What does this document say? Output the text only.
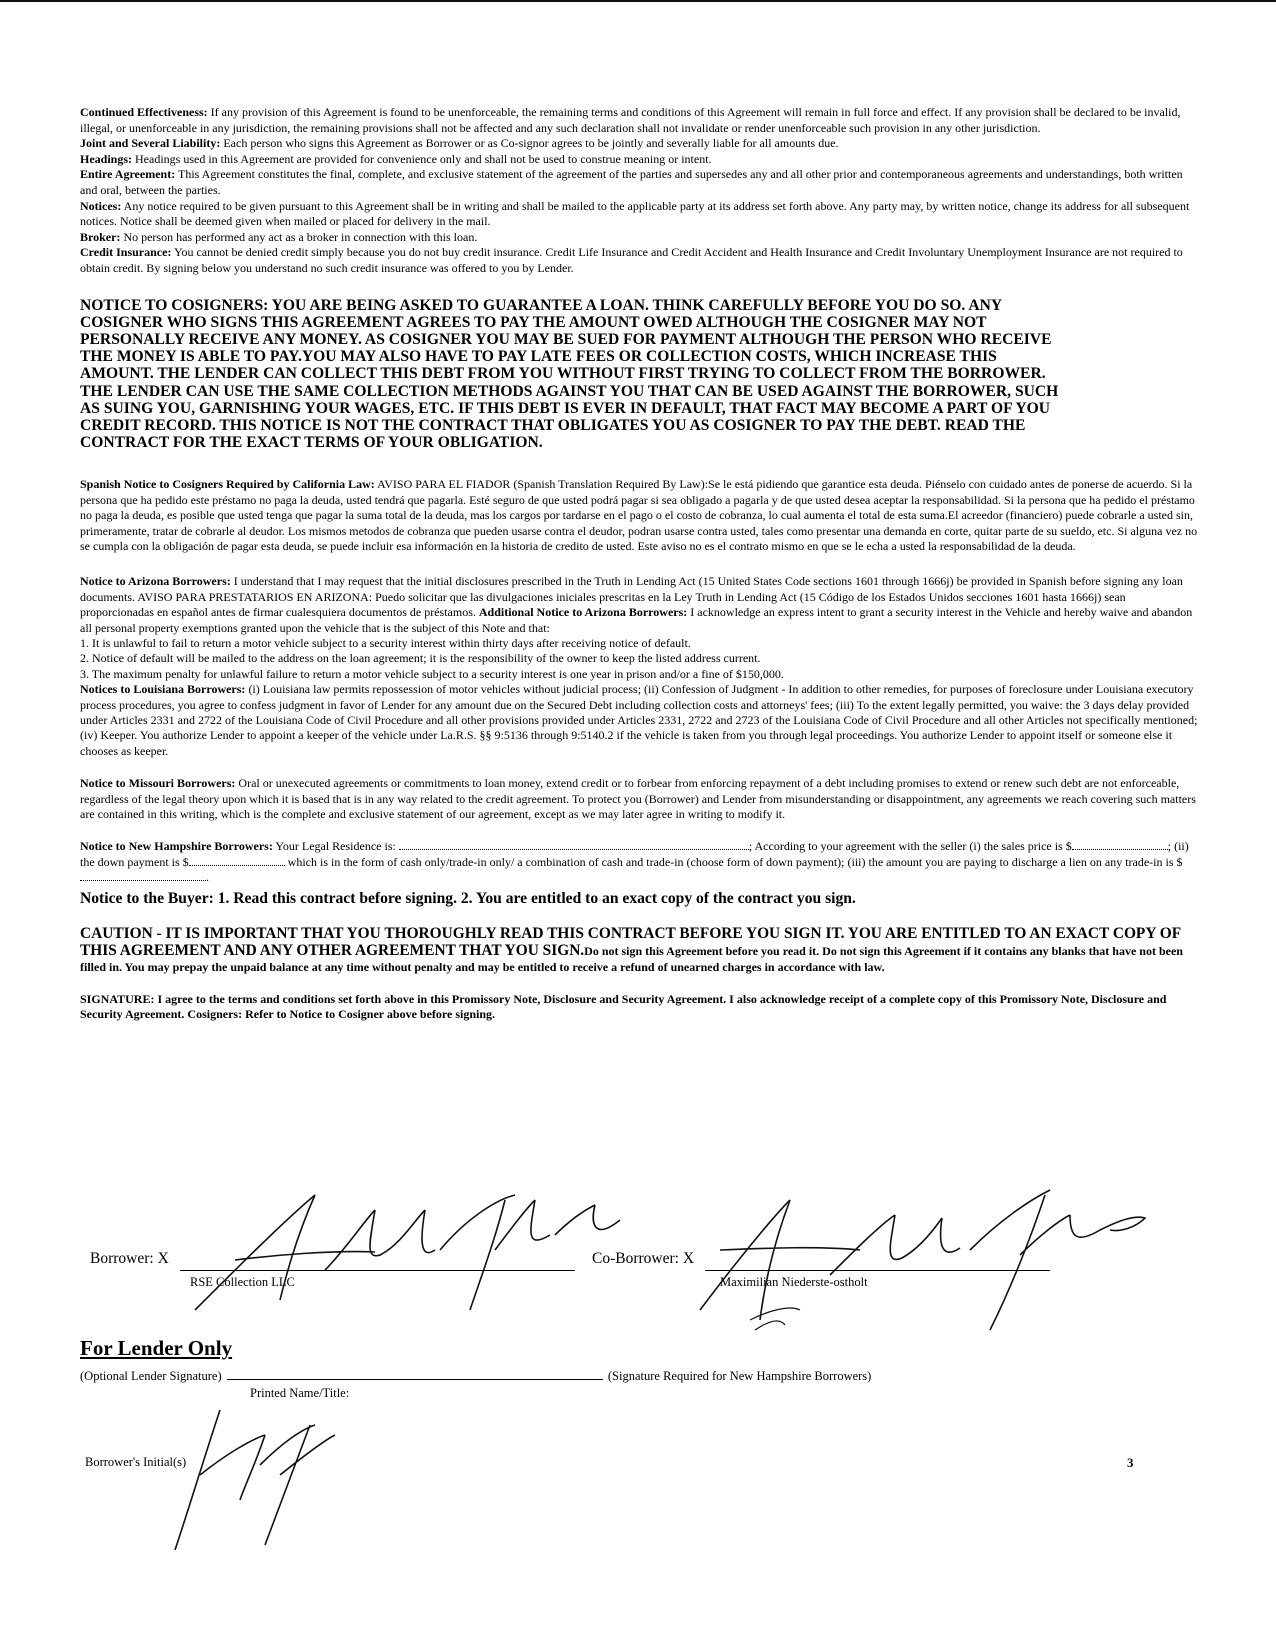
Continued Effectiveness: If any provision of this Agreement is found to be unenforceable, the remaining terms and conditions of this Agreement will remain in full force and effect. If any provision shall be declared to be invalid, illegal, or unenforceable in any jurisdiction, the remaining provisions shall not be affected and any such declaration shall not invalidate or render unenforceable such provision in any other jurisdiction.

Joint and Several Liability: Each person who signs this Agreement as Borrower or as Co-signor agrees to be jointly and severally liable for all amounts due.

Headings: Headings used in this Agreement are provided for convenience only and shall not be used to construe meaning or intent.

Entire Agreement: This Agreement constitutes the final, complete, and exclusive statement of the agreement of the parties and supersedes any and all other prior and contemporaneous agreements and understandings, both written and oral, between the parties.

Notices: Any notice required to be given pursuant to this Agreement shall be in writing and shall be mailed to the applicable party at its address set forth above. Any party may, by written notice, change its address for all subsequent notices. Notice shall be deemed given when mailed or placed for delivery in the mail.

Broker: No person has performed any act as a broker in connection with this loan.

Credit Insurance: You cannot be denied credit simply because you do not buy credit insurance. Credit Life Insurance and Credit Accident and Health Insurance and Credit Involuntary Unemployment Insurance are not required to obtain credit. By signing below you understand no such credit insurance was offered to you by Lender.

NOTICE TO COSIGNERS: YOU ARE BEING ASKED TO GUARANTEE A LOAN. THINK CAREFULLY BEFORE YOU DO SO. ANY
COSIGNER WHO SIGNS THIS AGREEMENT AGREES TO PAY THE AMOUNT OWED ALTHOUGH THE COSIGNER MAY NOT
PERSONALLY RECEIVE ANY MONEY. AS COSIGNER YOU MAY BE SUED FOR PAYMENT ALTHOUGH THE PERSON WHO RECEIVE
THE MONEY IS ABLE TO PAY.YOU MAY ALSO HAVE TO PAY LATE FEES OR COLLECTION COSTS, WHICH INCREASE THIS
AMOUNT. THE LENDER CAN COLLECT THIS DEBT FROM YOU WITHOUT FIRST TRYING TO COLLECT FROM THE BORROWER.
THE LENDER CAN USE THE SAME COLLECTION METHODS AGAINST YOU THAT CAN BE USED AGAINST THE BORROWER, SUCH
AS SUING YOU, GARNISHING YOUR WAGES, ETC. IF THIS DEBT IS EVER IN DEFAULT, THAT FACT MAY BECOME A PART OF YOU
CREDIT RECORD. THIS NOTICE IS NOT THE CONTRACT THAT OBLIGATES YOU AS COSIGNER TO PAY THE DEBT. READ THE
CONTRACT FOR THE EXACT TERMS OF YOUR OBLIGATION.

Spanish Notice to Cosigners Required by California Law: AVISO PARA EL FIADOR (Spanish Translation Required By Law):Se le está pidiendo que garantice esta deuda. Piénselo con cuidado antes de ponerse de acuerdo. Si la persona que ha pedido este préstamo no paga la deuda, usted tendrá que pagarla. Esté seguro de que usted podrá pagar si sea obligado a pagarla y de que usted desea aceptar la responsabilidad. Si la persona que ha pedido el préstamo no paga la deuda, es posible que usted tenga que pagar la suma total de la deuda, mas los cargos por tardarse en el pago o el costo de cobranza, lo cual aumenta el total de esta suma.El acreedor (financiero) puede cobrarle a usted sin, primeramente, tratar de cobrarle al deudor. Los mismos metodos de cobranza que pueden usarse contra el deudor, podran usarse contra usted, tales como presentar una demanda en corte, quitar parte de su sueldo, etc. Si alguna vez no se cumpla con la obligación de pagar esta deuda, se puede incluir esa información en la historia de credito de usted. Este aviso no es el contrato mismo en que se le echa a usted la responsabilidad de la deuda.

Notice to Arizona Borrowers: I understand that I may request that the initial disclosures prescribed in the Truth in Lending Act (15 United States Code sections 1601 through 1666j) be provided in Spanish before signing any loan documents. AVISO PARA PRESTATARIOS EN ARIZONA: Puedo solicitar que las divulgaciones iniciales prescritas en la Ley Truth in Lending Act (15 Código de los Estados Unidos secciones 1601 hasta 1666j) sean proporcionadas en español antes de firmar cualesquiera documentos de préstamos. Additional Notice to Arizona Borrowers: I acknowledge an express intent to grant a security interest in the Vehicle and hereby waive and abandon all personal property exemptions granted upon the vehicle that is the subject of this Note and that:
1. It is unlawful to fail to return a motor vehicle subject to a security interest within thirty days after receiving notice of default.
2. Notice of default will be mailed to the address on the loan agreement; it is the responsibility of the owner to keep the listed address current.
3. The maximum penalty for unlawful failure to return a motor vehicle subject to a security interest is one year in prison and/or a fine of $150,000.

Notices to Louisiana Borrowers: (i) Louisiana law permits repossession of motor vehicles without judicial process; (ii) Confession of Judgment - In addition to other remedies, for purposes of foreclosure under Louisiana executory process procedures, you agree to confess judgment in favor of Lender for any amount due on the Secured Debt including collection costs and attorneys' fees; (iii) To the extent legally permitted, you waive: the 3 days delay provided under Articles 2331 and 2722 of the Louisiana Code of Civil Procedure and all other provisions provided under Articles 2331, 2722 and 2723 of the Louisiana Code of Civil Procedure and all other Articles not specifically mentioned; (iv) Keeper. You authorize Lender to appoint a keeper of the vehicle under La.R.S. §§ 9:5136 through 9:5140.2 if the vehicle is taken from you through legal proceedings. You authorize Lender to appoint itself or someone else it chooses as keeper.

Notice to Missouri Borrowers: Oral or unexecuted agreements or commitments to loan money, extend credit or to forbear from enforcing repayment of a debt including promises to extend or renew such debt are not enforceable, regardless of the legal theory upon which it is based that is in any way related to the credit agreement. To protect you (Borrower) and Lender from misunderstanding or disappointment, any agreements we reach covering such matters are contained in this writing, which is the complete and exclusive statement of our agreement, except as we may later agree in writing to modify it.

Notice to New Hampshire Borrowers: Your Legal Residence is:	; According to your agreement with the seller (i) the sales price is $	; (ii) the down payment is $	which is in the form of cash only/trade-in only/ a combination of cash and trade-in (choose form of down payment); (iii) the amount you are paying to discharge a lien on any trade-in is $.

Notice to the Buyer: 1. Read this contract before signing. 2. You are entitled to an exact copy of the contract you sign.

CAUTION - IT IS IMPORTANT THAT YOU THOROUGHLY READ THIS CONTRACT BEFORE YOU SIGN IT. YOU ARE ENTITLED TO AN EXACT COPY OF THIS AGREEMENT AND ANY OTHER AGREEMENT THAT YOU SIGN.Do not sign this Agreement before you read it. Do not sign this Agreement if it contains any blanks that have not been filled in. You may prepay the unpaid balance at any time without penalty and may be entitled to receive a refund of unearned charges in accordance with law.

SIGNATURE: I agree to the terms and conditions set forth above in this Promissory Note, Disclosure and Security Agreement. I also acknowledge receipt of a complete copy of this Promissory Note, Disclosure and Security Agreement. Cosigners: Refer to Notice to Cosigner above before signing.

Borrower: X
RSE Collection LLC
Co-Borrower: X
Maximilian Niederste-ostholt

For Lender Only

(Optional Lender Signature)	(Signature Required for New Hampshire Borrowers)
Printed Name/Title:
Borrower's Initial(s)	3
